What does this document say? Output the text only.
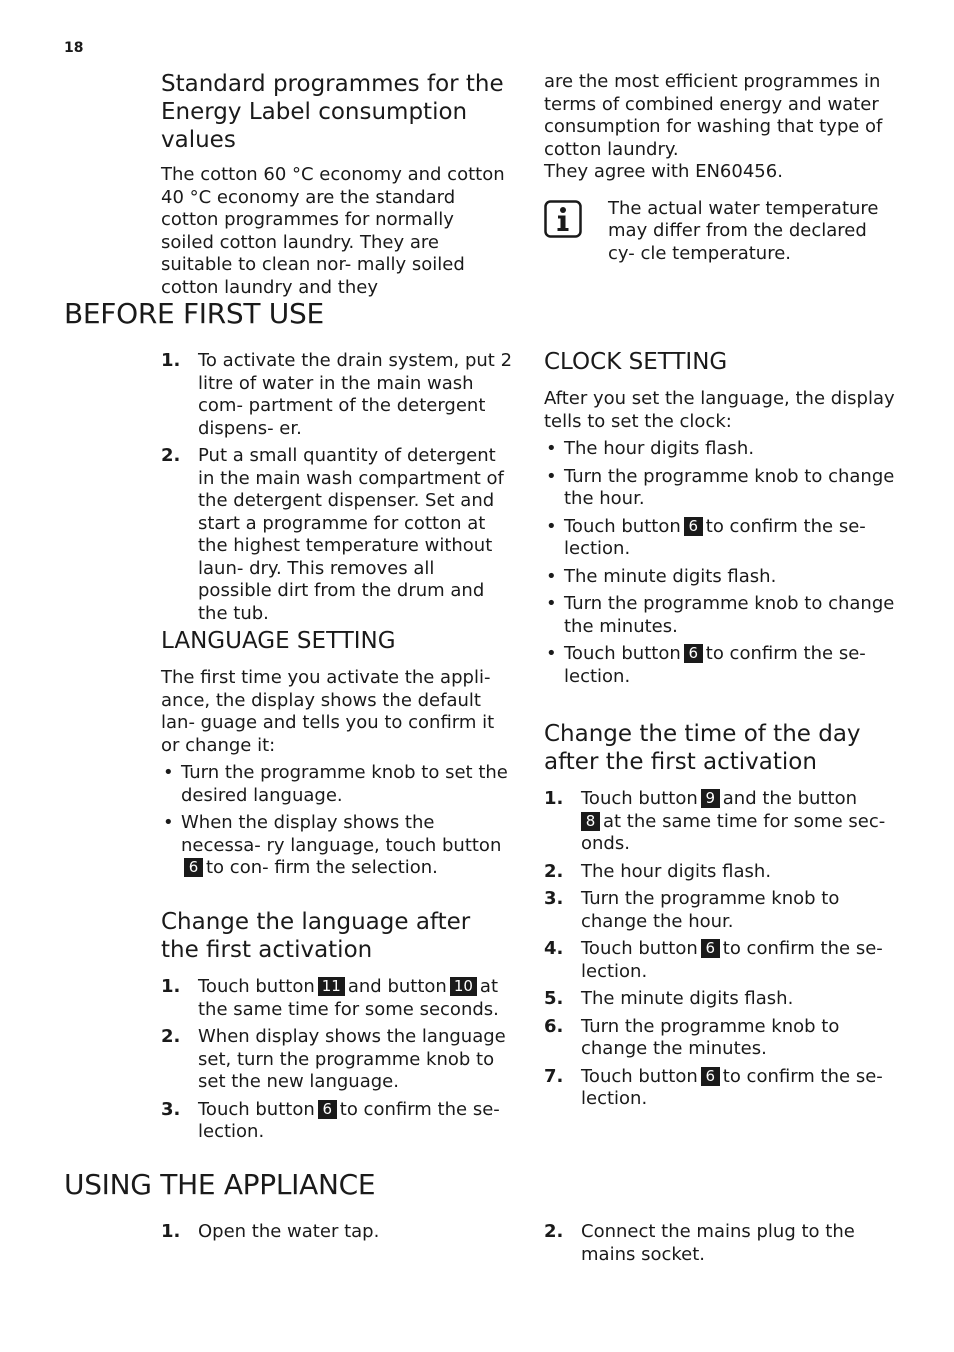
18
Standard programmes for the Energy Label consumption values

The cotton 60 °C economy and cotton 40 °C economy are the standard cotton programmes for normally soiled cotton laundry. They are suitable to clean nor- mally soiled cotton laundry and they

are the most efficient programmes in terms of combined energy and water consumption for washing that type of cotton laundry.

They agree with EN60456.

The actual water temperature may differ from the declared cy- cle temperature.

BEFORE FIRST USE
1. To activate the drain system, put 2 litre of water in the main wash com- partment of the detergent dispens- er.
2. Put a small quantity of detergent in the main wash compartment of the detergent dispenser. Set and start a programme for cotton at the highest temperature without laun- dry. This removes all possible dirt from the drum and the tub.
LANGUAGE SETTING

The first time you activate the appli- ance, the display shows the default lan- guage and tells you to confirm it or change it:

• Turn the programme knob to set the desired language.
• When the display shows the necessa- ry language, touch button6 to con- firm the selection.
Change the language after the first activation
1. Touch button 11 and button 10 at the same time for some seconds.
2. When display shows the language set, turn the programme knob to set the new language.
3. Touch button 6 to confirm the se- lection.
CLOCK SETTING

After you set the language, the display tells to set the clock:

• The hour digits flash.
• Turn the programme knob to change the hour.
• Touch button 6 to confirm the se- lection.
• The minute digits flash.
• Turn the programme knob to change the minutes.
• Touch button 6 to confirm the se- lection.
Change the time of the day after the first activation
1. Touch button 9 and the button
8 at the same time for some sec- onds.
2. The hour digits flash.
3. Turn the programme knob to change the hour.
4. Touch button 6 to confirm the se- lection.
5. The minute digits flash.
6. Turn the programme knob to change the minutes.
7. Touch button 6 to confirm the se- lection.
USING THE APPLIANCE
1. Open the water tap.	2. Connect the mains plug to the mains socket.
